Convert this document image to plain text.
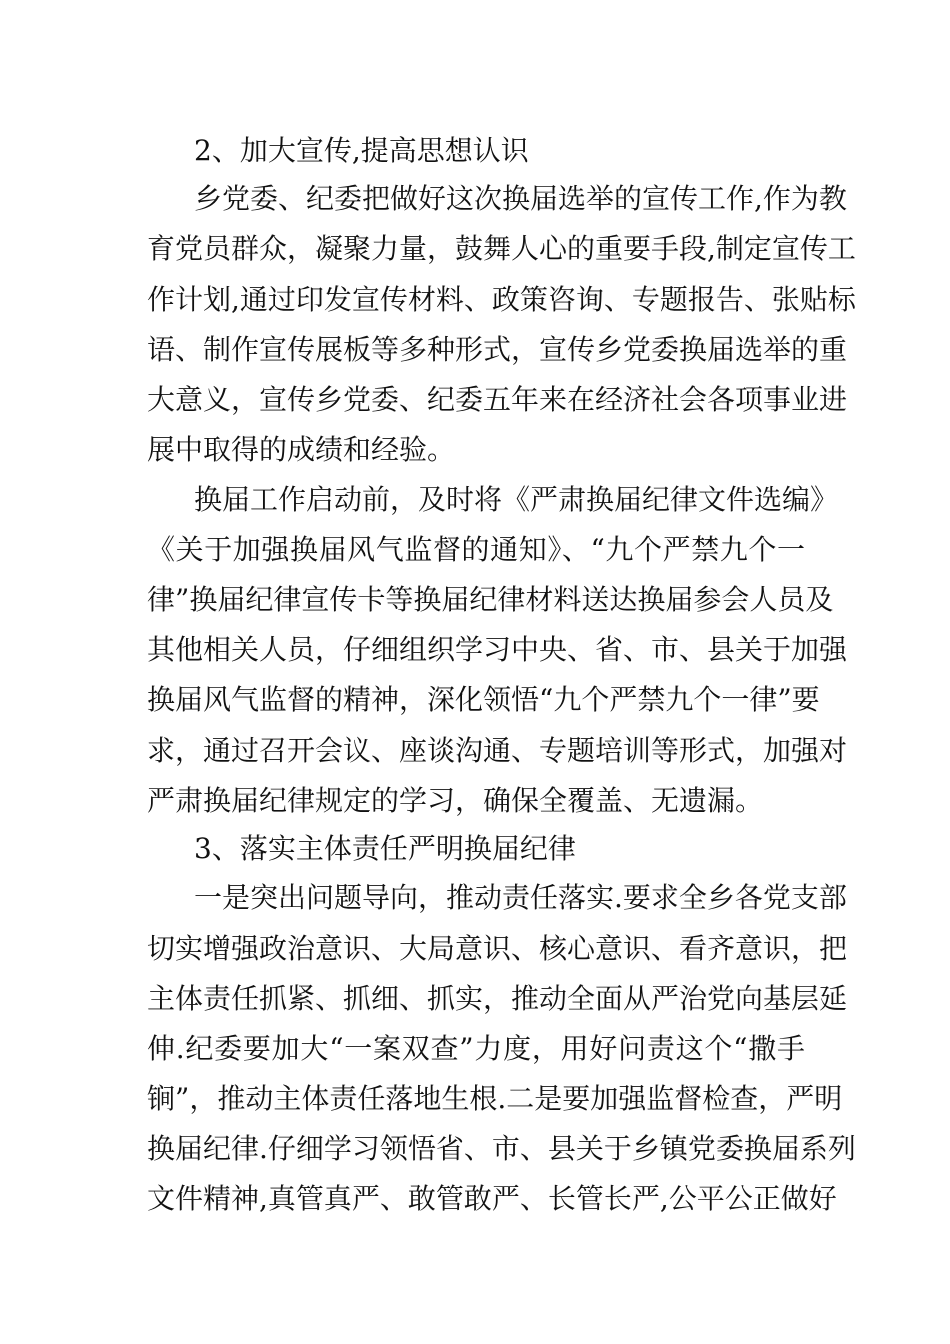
2、加大宣传,提高思想认识
乡党委、纪委把做好这次换届选举的宣传工作,作为教
育党员群众，凝聚力量，鼓舞人心的重要手段,制定宣传工
作计划,通过印发宣传材料、政策咨询、专题报告、张贴标
语、制作宣传展板等多种形式，宣传乡党委换届选举的重
大意义，宣传乡党委、纪委五年来在经济社会各项事业进
展中取得的成绩和经验。
换届工作启动前，及时将《严肃换届纪律文件选编》
《关于加强换届风气监督的通知》、“九个严禁九个一
律”换届纪律宣传卡等换届纪律材料送达换届参会人员及
其他相关人员，仔细组织学习中央、省、市、县关于加强
换届风气监督的精神，深化领悟“九个严禁九个一律”要
求，通过召开会议、座谈沟通、专题培训等形式，加强对
严肃换届纪律规定的学习，确保全覆盖、无遗漏。
3、落实主体责任严明换届纪律
一是突出问题导向，推动责任落实.要求全乡各党支部
切实增强政治意识、大局意识、核心意识、看齐意识，把
主体责任抓紧、抓细、抓实，推动全面从严治党向基层延
伸.纪委要加大“一案双查”力度，用好问责这个“撒手
锏”，推动主体责任落地生根.二是要加强监督检查，严明
换届纪律.仔细学习领悟省、市、县关于乡镇党委换届系列
文件精神,真管真严、敢管敢严、长管长严,公平公正做好
